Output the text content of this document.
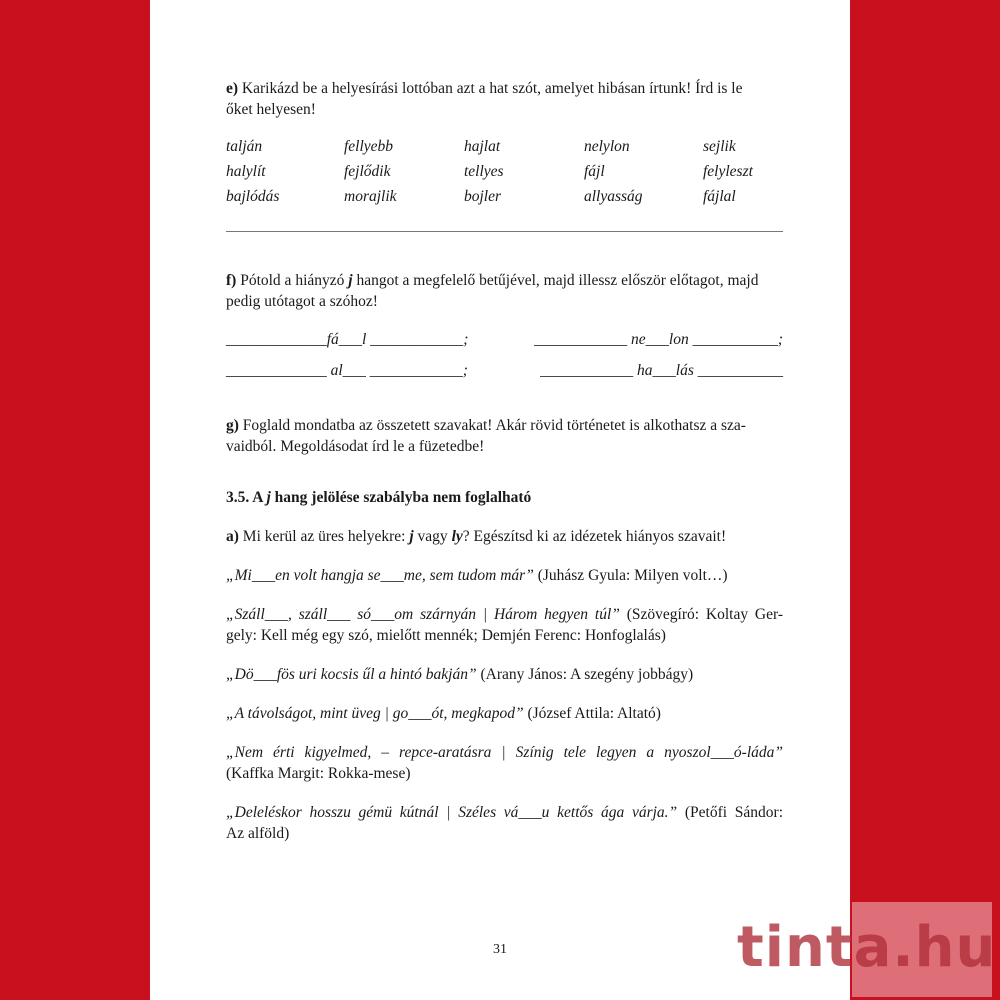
e) Karikázd be a helyesírási lottóban azt a hat szót, amelyet hibásan írtunk! Írd is le
őket helyesen!

talján	fellyebb	hajlat	nelylon	sejlik
halylít	fejlődik	tellyes	fájl	felyleszt
bajlódás	morajlik	bojler	allyasság	fájlal

f) Pótold a hiányzó j hangot a megfelelő betűjével, majd illessz először előtagot, majd
pedig utótagot a szóhoz!

_____________fá___l ____________;	____________ ne___lon ___________;
_____________ al___ ____________;	____________ ha___lás ___________

g) Foglald mondatba az összetett szavakat! Akár rövid történetet is alkothatsz a sza-
vaidból. Megoldásodat írd le a füzetedbe!

3.5. A j hang jelölése szabályba nem foglalható

a) Mi kerül az üres helyekre: j vagy ly? Egészítsd ki az idézetek hiányos szavait!

„Mi___en volt hangja se___me, sem tudom már” (Juhász Gyula: Milyen volt…)

„Száll___, száll___ só___om szárnyán | Három hegyen túl” (Szövegíró: Koltay Ger-
gely: Kell még egy szó, mielőtt mennék; Demjén Ferenc: Honfoglalás)

„Dö___fös uri kocsis űl a hintó bakján” (Arany János: A szegény jobbágy)

„A távolságot, mint üveg | go___ót, megkapod” (József Attila: Altató)

„Nem érti kigyelmed, – repce-aratásra | Színig tele legyen a nyoszol___ó-láda”
(Kaffka Margit: Rokka-mese)

„Deleléskor hosszu gémü kútnál | Széles vá___u kettős ága várja.” (Petőfi Sándor:
Az alföld)

31	tinta.hu
